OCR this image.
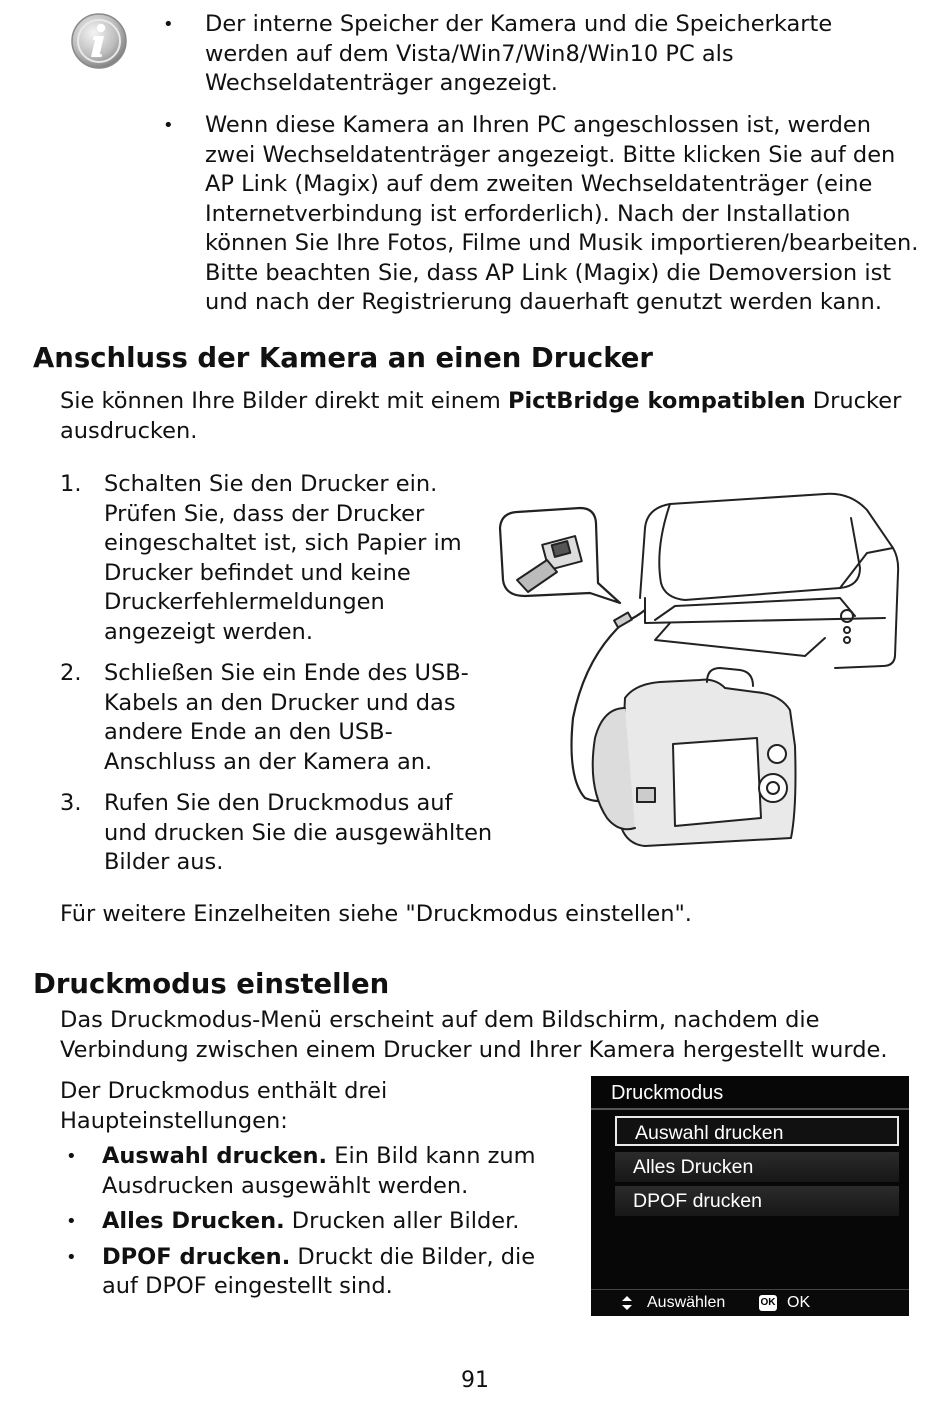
• Der interne Speicher der Kamera und die Speicherkarte werden auf dem Vista/Win7/Win8/Win10 PC als Wechseldatenträger angezeigt.
• Wenn diese Kamera an Ihren PC angeschlossen ist, werden zwei Wechseldatenträger angezeigt. Bitte klicken Sie auf den AP Link (Magix) auf dem zweiten Wechseldatenträger (eine Internetverbindung ist erforderlich). Nach der Installation können Sie Ihre Fotos, Filme und Musik importieren/bearbeiten. Bitte beachten Sie, dass AP Link (Magix) die Demoversion ist und nach der Registrierung dauerhaft genutzt werden kann.
Anschluss der Kamera an einen Drucker

Sie können Ihre Bilder direkt mit einem PictBridge kompatiblen Drucker ausdrucken.

1. Schalten Sie den Drucker ein. Prüfen Sie, dass der Drucker eingeschaltet ist, sich Papier im Drucker befindet und keine Druckerfehlermeldungen angezeigt werden.
2. Schließen Sie ein Ende des USB-Kabels an den Drucker und das andere Ende an den USB-Anschluss an der Kamera an.
3. Rufen Sie den Druckmodus auf und drucken Sie die ausgewählten Bilder aus.

Für weitere Einzelheiten siehe "Druckmodus einstellen".

Druckmodus einstellen

Das Druckmodus-Menü erscheint auf dem Bildschirm, nachdem die Verbindung zwischen einem Drucker und Ihrer Kamera hergestellt wurde.

Der Druckmodus enthält drei Haupteinstellungen:

• Auswahl drucken. Ein Bild kann zum Ausdrucken ausgewählt werden.
• Alles Drucken. Drucken aller Bilder.
• DPOF drucken. Druckt die Bilder, die auf DPOF eingestellt sind.
Druckmodus
Auswahl drucken
Alles Drucken
DPOF drucken
Auswählen	OK OK
91
